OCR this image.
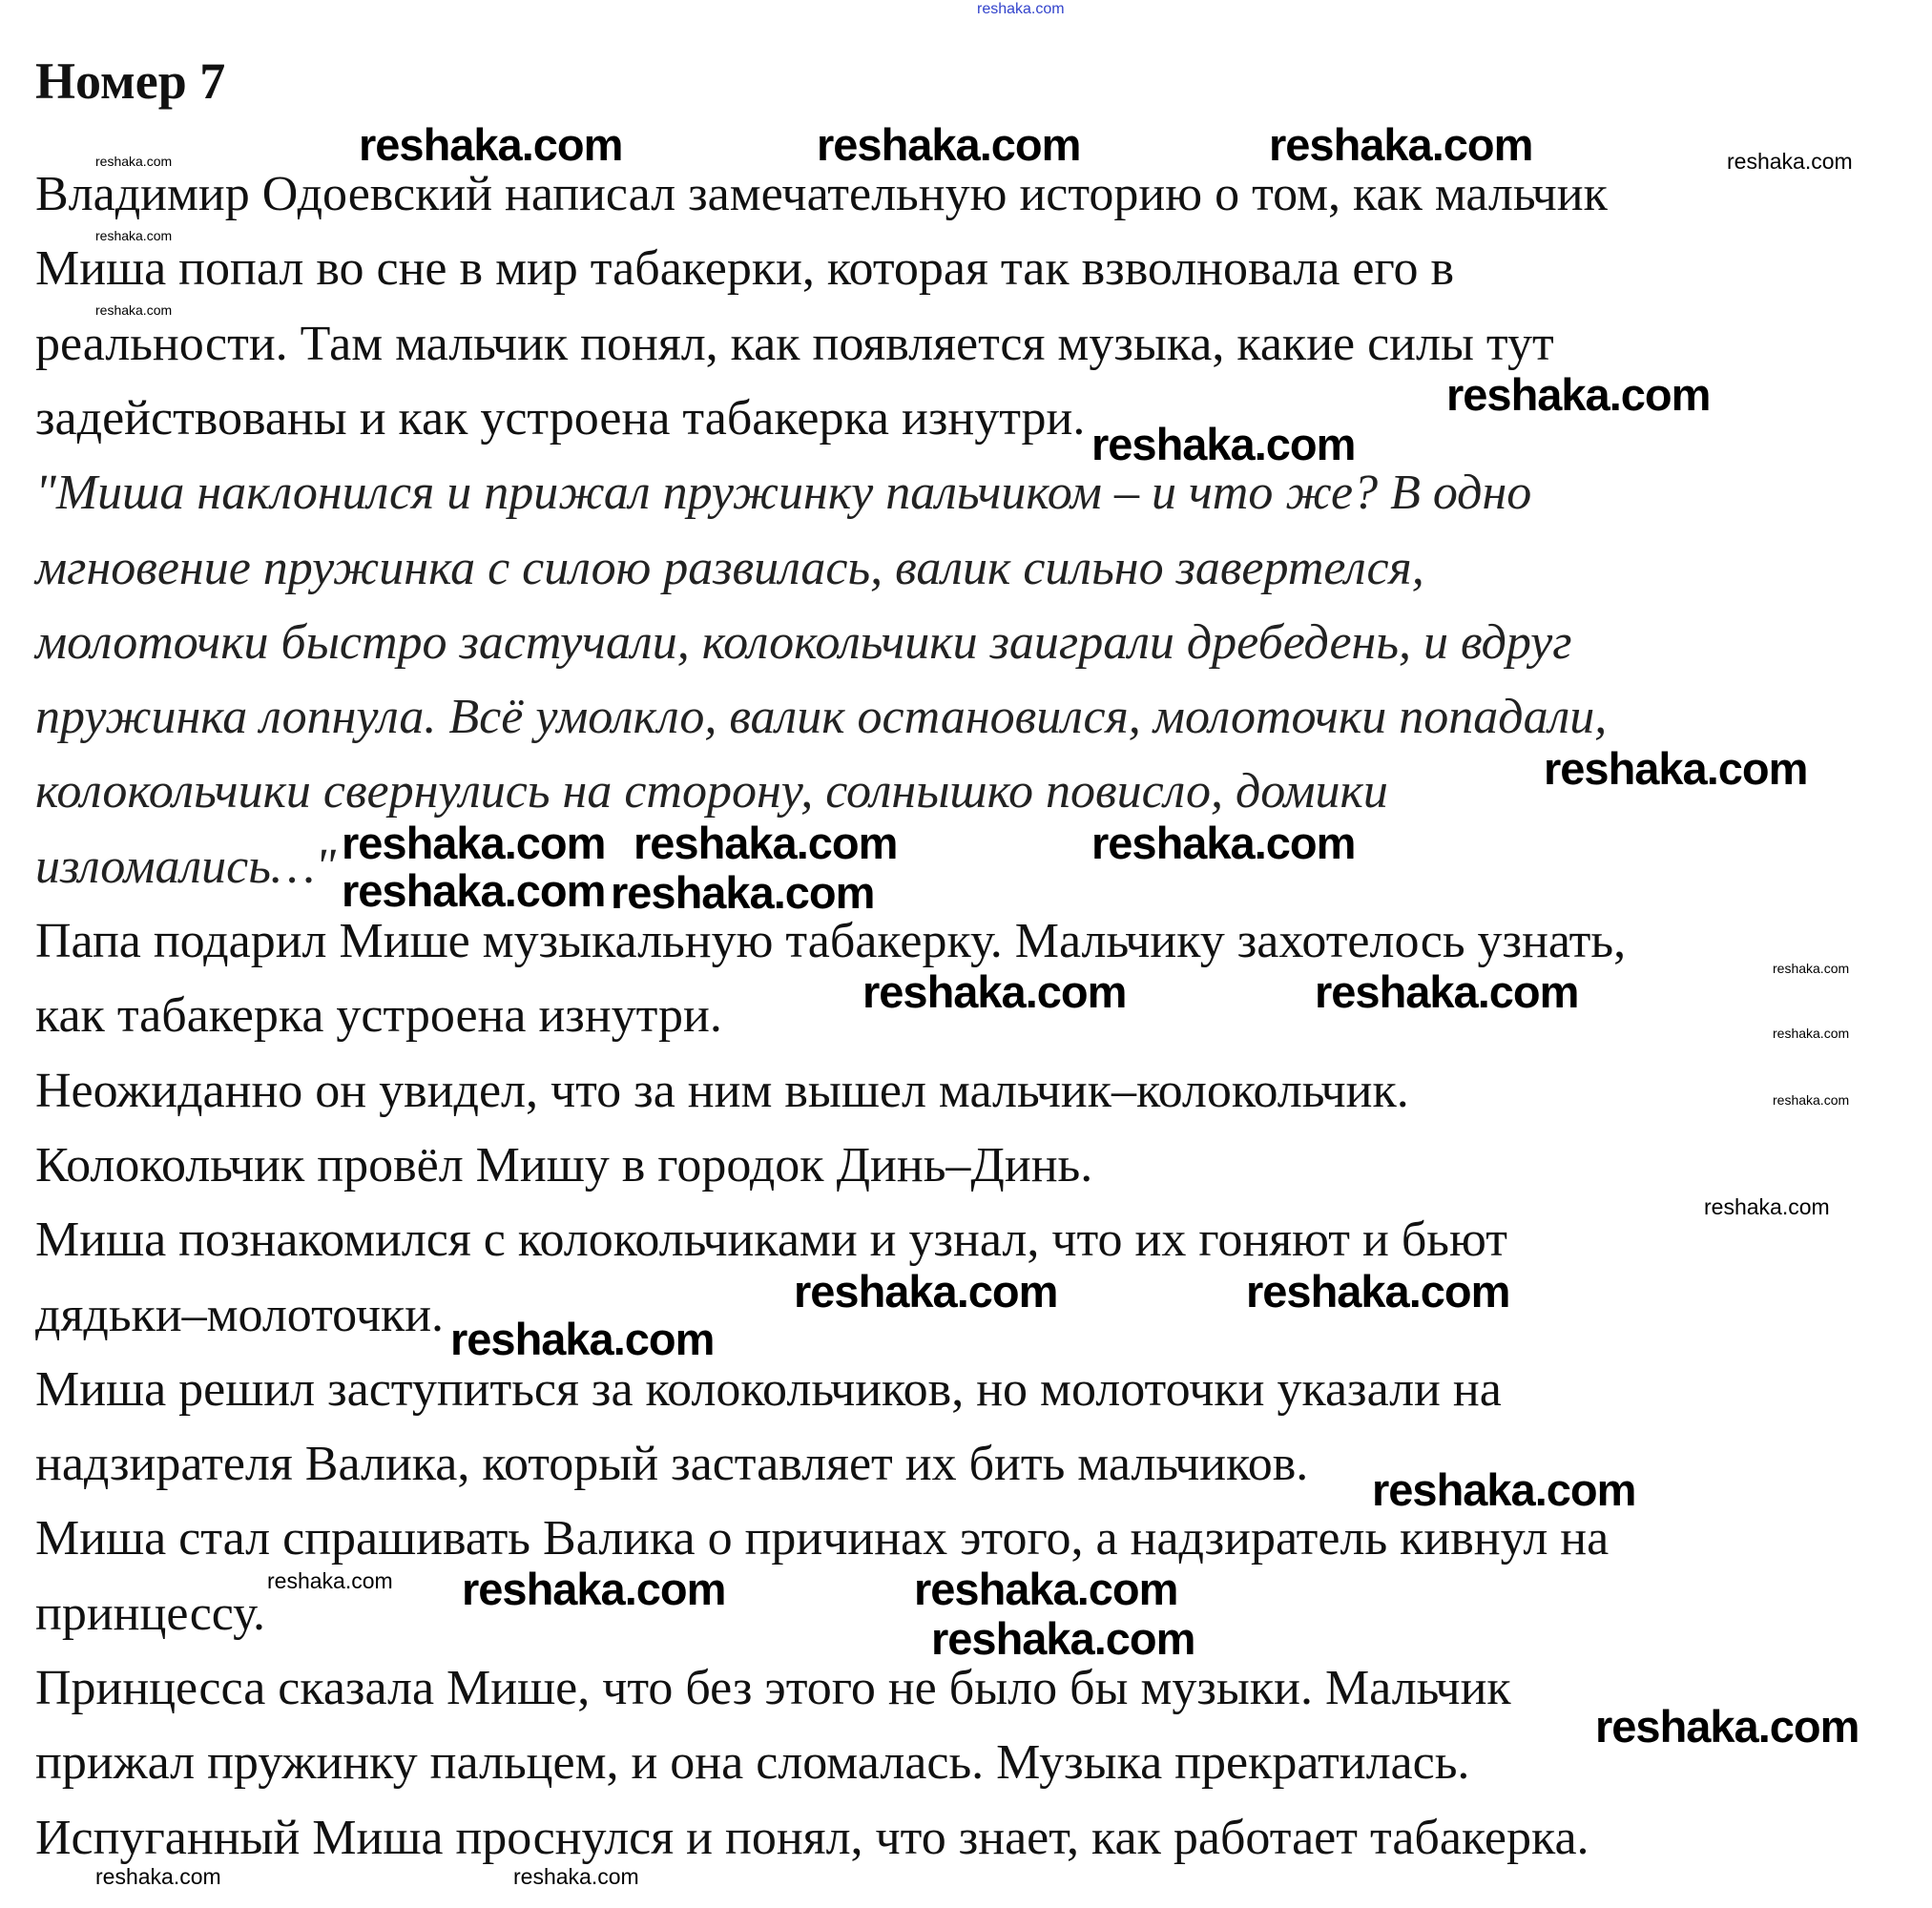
Номер 7
Владимир Одоевский написал замечательную историю о том, как мальчик
Миша попал во сне в мир табакерки, которая так взволновала его в
реальности. Там мальчик понял, как появляется музыка, какие силы тут
задействованы и как устроена табакерка изнутри.
"Миша наклонился и прижал пружинку пальчиком – и что же? В одно
мгновение пружинка с силою развилась, валик сильно завертелся,
молоточки быстро застучали, колокольчики заиграли дребедень, и вдруг
пружинка лопнула. Всё умолкло, валик остановился, молоточки попадали,
колокольчики свернулись на сторону, солнышко повисло, домики
изломались…"
Папа подарил Мише музыкальную табакерку. Мальчику захотелось узнать,
как табакерка устроена изнутри.
Неожиданно он увидел, что за ним вышел мальчик–колокольчик.
Колокольчик провёл Мишу в городок Динь–Динь.
Миша познакомился с колокольчиками и узнал, что их гоняют и бьют
дядьки–молоточки.
Миша решил заступиться за колокольчиков, но молоточки указали на
надзирателя Валика, который заставляет их бить мальчиков.
Миша стал спрашивать Валика о причинах этого, а надзиратель кивнул на
принцессу.
Принцесса сказала Мише, что без этого не было бы музыки. Мальчик
прижал пружинку пальцем, и она сломалась. Музыка прекратилась.
Испуганный Миша проснулся и понял, что знает, как работает табакерка.
reshaka.com
reshaka.com	reshaka.com
reshaka.com
reshaka.com
reshaka.com
reshaka.com
reshaka.com
reshaka.com
reshaka.com
reshaka.com
reshaka.com
reshaka.com	reshaka.com
reshaka.com
reshaka.com
reshaka.com	reshaka.com	reshaka.com
reshaka.com
reshaka.com
reshaka.com
reshaka.com	reshaka.com
reshaka.com
reshaka.com
reshaka.com
reshaka.com reshaka.com
reshaka.com
reshaka.com
reshaka.com
reshaka.com
